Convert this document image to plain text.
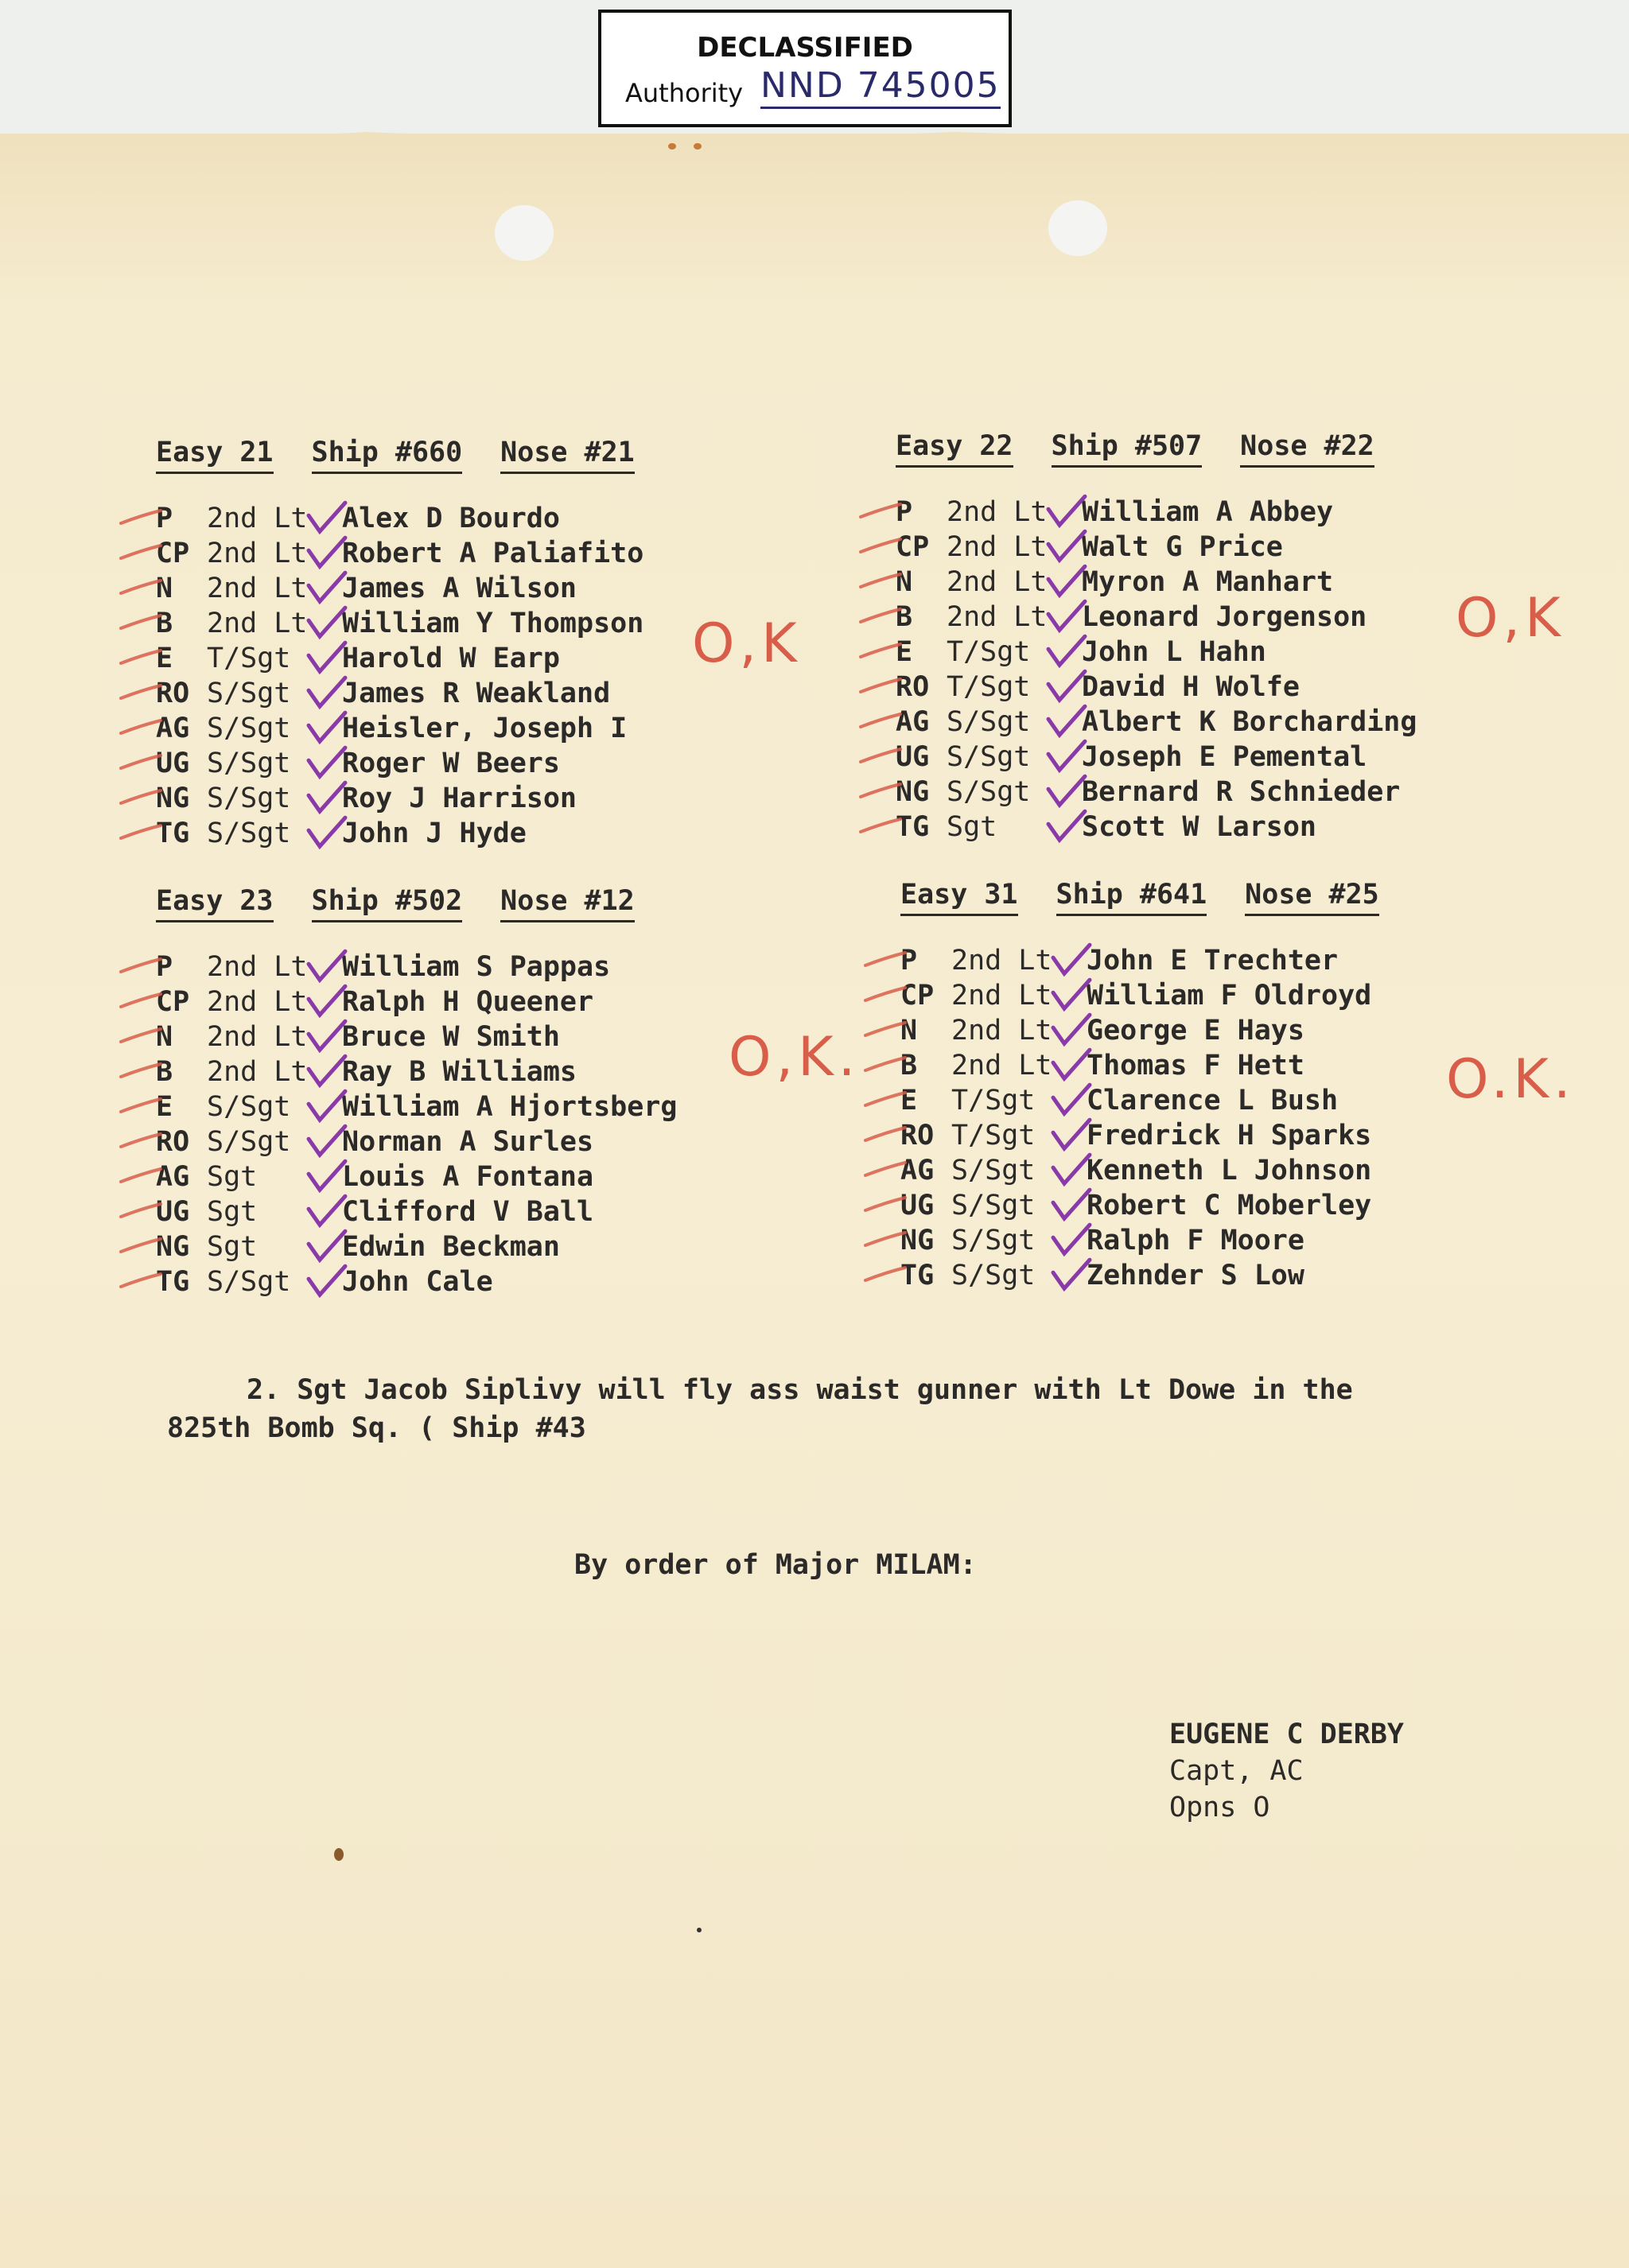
DECLASSIFIED
Authority NND 745005
Easy 21 Ship #660 Nose #21
P	2nd Lt	Alex D Bourdo
CP 2nd Lt	Robert A Paliafito
N	2nd Lt	James A Wilson
B	2nd Lt	William Y Thompson
E	T/Sgt	Harold W Earp
RO S/Sgt	James R Weakland
AG S/Sgt	Heisler, Joseph I
UG S/Sgt	Roger W Beers
NG S/Sgt	Roy J Harrison
TG S/Sgt	John J Hyde
Easy 22 Ship #507 Nose #22
P	2nd Lt	William A Abbey
CP 2nd Lt	Walt G Price
N	2nd Lt	Myron A Manhart
B	2nd Lt	Leonard Jorgenson
E	T/Sgt	John L Hahn
RO T/Sgt	David H Wolfe
AG S/Sgt	Albert K Borcharding
UG S/Sgt	Joseph E Pemental
NG S/Sgt	Bernard R Schnieder
TG Sgt	Scott W Larson
Easy 23 Ship #502 Nose #12
P	2nd Lt	William S Pappas
CP 2nd Lt	Ralph H Queener
N	2nd Lt	Bruce W Smith
B	2nd Lt	Ray B Williams
E	S/Sgt	William A Hjortsberg
RO S/Sgt	Norman A Surles
AG Sgt	Louis A Fontana
UG Sgt	Clifford V Ball
NG Sgt	Edwin Beckman
TG S/Sgt	John Cale
Easy 31 Ship #641 Nose #25
P	2nd Lt	John E Trechter
CP 2nd Lt	William F Oldroyd
N	2nd Lt	George E Hays
B	2nd Lt	Thomas F Hett
E	T/Sgt	Clarence L Bush
RO T/Sgt	Fredrick H Sparks
AG S/Sgt	Kenneth L Johnson
UG S/Sgt	Robert C Moberley
NG S/Sgt	Ralph F Moore
TG S/Sgt	Zehnder S Low
O,K	O,K
O,K.	O.K.
2. Sgt Jacob Siplivy will fly ass waist gunner with Lt Dowe in the 825th Bomb Sq. ( Ship #43
By order of Major MILAM:
EUGENE C DERBY
Capt, AC
Opns O
